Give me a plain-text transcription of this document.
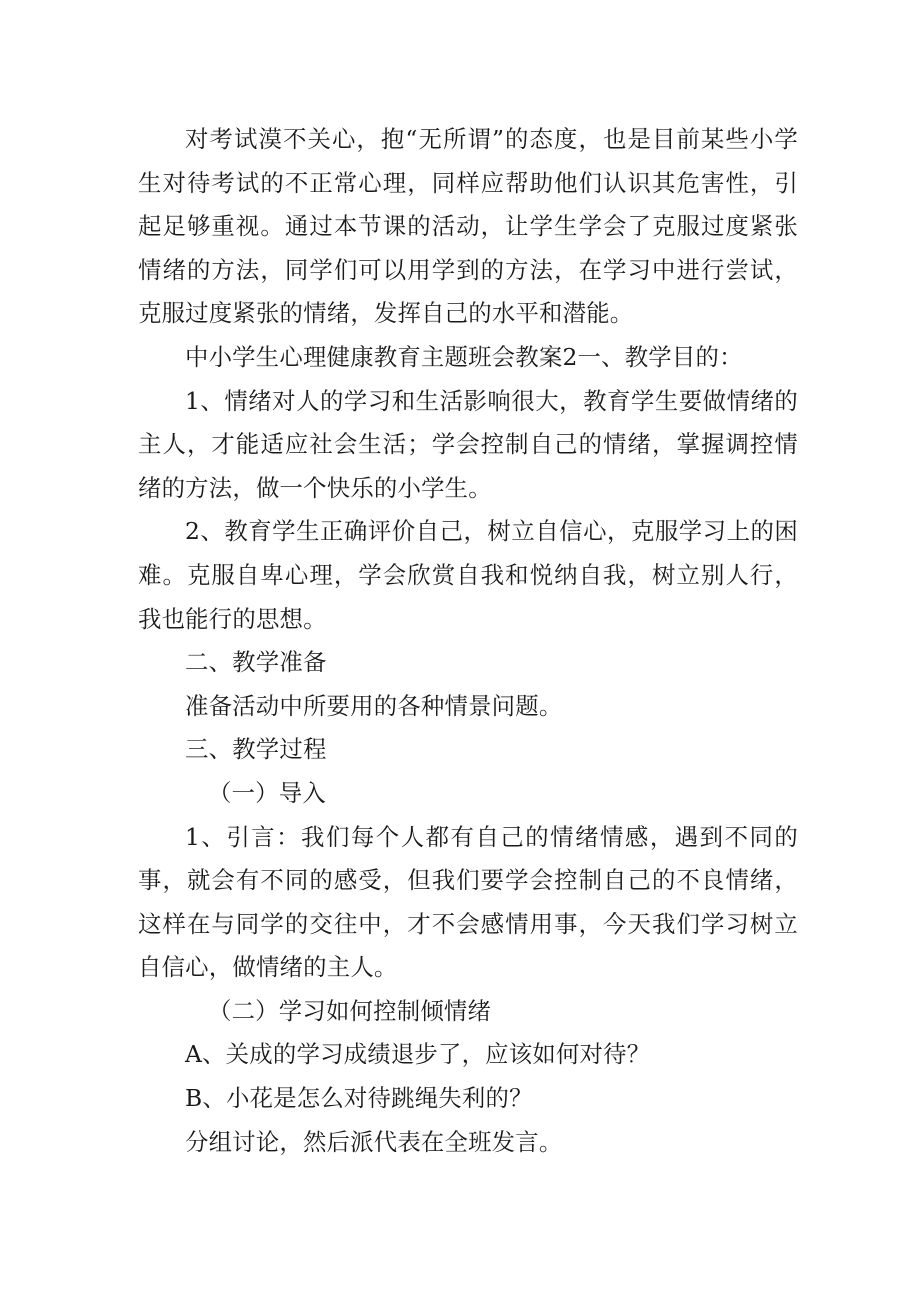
对考试漠不关心，抱“无所谓”的态度，也是目前某些小学生对待考试的不正常心理，同样应帮助他们认识其危害性，引起足够重视。通过本节课的活动，让学生学会了克服过度紧张情绪的方法，同学们可以用学到的方法，在学习中进行尝试，克服过度紧张的情绪，发挥自己的水平和潜能。

中小学生心理健康教育主题班会教案2一、教学目的：

1、情绪对人的学习和生活影响很大，教育学生要做情绪的主人，才能适应社会生活；学会控制自己的情绪，掌握调控情绪的方法，做一个快乐的小学生。

2、教育学生正确评价自己，树立自信心，克服学习上的困难。克服自卑心理，学会欣赏自我和悦纳自我，树立别人行，我也能行的思想。

二、教学准备

准备活动中所要用的各种情景问题。

三、教学过程

（一）导入

1、引言：我们每个人都有自己的情绪情感，遇到不同的事，就会有不同的感受，但我们要学会控制自己的不良情绪，这样在与同学的交往中，才不会感情用事，今天我们学习树立自信心，做情绪的主人。

（二）学习如何控制倾情绪

A、关成的学习成绩退步了，应该如何对待？

B、小花是怎么对待跳绳失利的？

分组讨论，然后派代表在全班发言。
